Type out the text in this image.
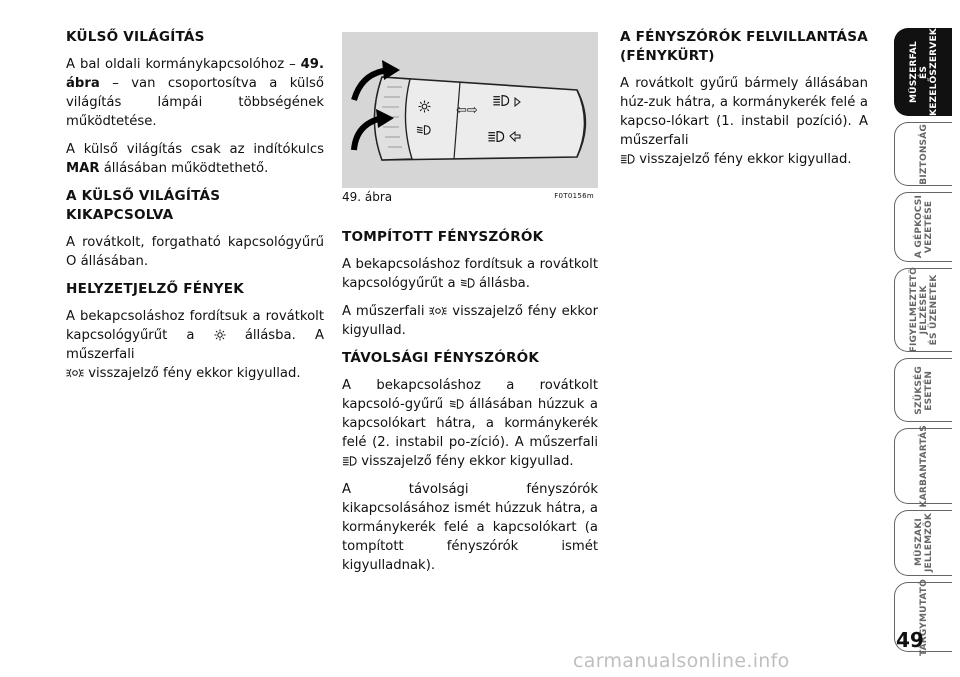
KÜLSŐ VILÁGÍTÁS

A bal oldali kormánykapcsolóhoz – 49. ábra – van csoportosítva a külső világítás lámpái többségének működtetése.

A külső világítás csak az indítókulcs MAR állásában működtethető.

A KÜLSŐ VILÁGÍTÁS KIKAPCSOLVA

A rovátkolt, forgatható kapcsológyűrű O állásában.

HELYZETJELZŐ FÉNYEK

A bekapcsoláshoz fordítsuk a rovátkolt kapcsológyűrűt a	állásba. A műszerfali
visszajelző fény ekkor kigyullad.

⇦⇨
49. ábra	F0T0156m
TOMPÍTOTT FÉNYSZÓRÓK

A bekapcsoláshoz fordítsuk a rovátkolt kapcsológyűrűt a állásba.

A műszerfali visszajelző fény ekkor kigyullad.

TÁVOLSÁGI FÉNYSZÓRÓK

A bekapcsoláshoz a rovátkolt kapcsoló-gyűrű állásában húzzuk a kapcsolókart hátra, a kormánykerék felé (2. instabil po-zíció). A műszerfali  visszajelző fény ekkor kigyullad.

A távolsági fényszórók kikapcsolásához ismét húzzuk hátra, a kormánykerék felé a kapcsolókart (a tompított fényszórók ismét kigyulladnak).

A FÉNYSZÓRÓK FELVILLANTÁSA (FÉNYKÜRT)

A rovátkolt gyűrű bármely állásában húz-zuk hátra, a kormánykerék felé a kapcso-lókart (1. instabil pozíció). A műszerfali
visszajelző fény ekkor kigyullad.

MŰSZERFAL
ÉS
KEZELŐSZERVEK
BIZTONSÁG
A GÉPKOCSI
VEZETÉSE
FIGYELMEZTETŐ
JELZÉSEK
ÉS ÜZENETEK
SZÜKSÉG
ESETÉN
KARBANTARTÁS
MŰSZAKI
JELLEMZŐK
TÁRGYMUTATÓ
49
carmanualsonline.info
